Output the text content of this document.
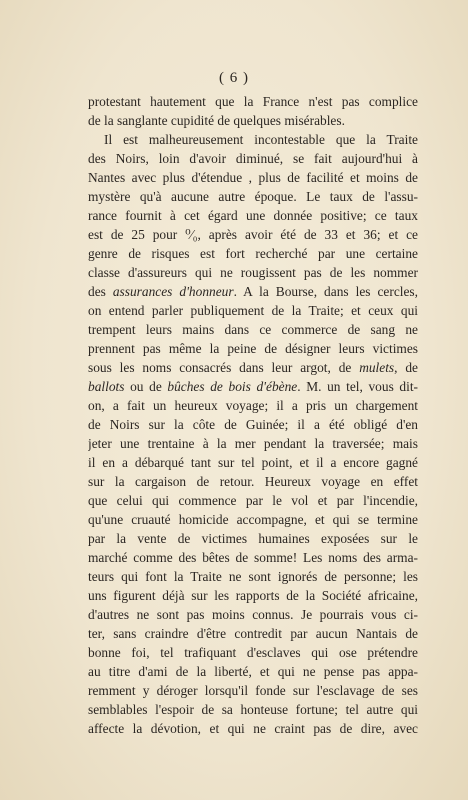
( 6 )
protestant hautement que la France n'est pas complice
de la sanglante cupidité de quelques misérables.
Il est malheureusement incontestable que la Traite
des Noirs, loin d'avoir diminué, se fait aujourd'hui à
Nantes avec plus d'étendue , plus de facilité et moins de
mystère qu'à aucune autre époque. Le taux de l'assu-
rance fournit à cet égard une donnée positive; ce taux
est de 25 pour ⁰⁄₀, après avoir été de 33 et 36; et ce
genre de risques est fort recherché par une certaine
classe d'assureurs qui ne rougissent pas de les nommer
des assurances d'honneur. A la Bourse, dans les cercles,
on entend parler publiquement de la Traite; et ceux qui
trempent leurs mains dans ce commerce de sang ne
prennent pas même la peine de désigner leurs victimes
sous les noms consacrés dans leur argot, de mulets, de
ballots ou de bûches de bois d'ébène. M. un tel, vous dit-
on, a fait un heureux voyage; il a pris un chargement
de Noirs sur la côte de Guinée; il a été obligé d'en
jeter une trentaine à la mer pendant la traversée; mais
il en a débarqué tant sur tel point, et il a encore gagné
sur la cargaison de retour. Heureux voyage en effet
que celui qui commence par le vol et par l'incendie,
qu'une cruauté homicide accompagne, et qui se termine
par la vente de victimes humaines exposées sur le
marché comme des bêtes de somme! Les noms des arma-
teurs qui font la Traite ne sont ignorés de personne; les
uns figurent déjà sur les rapports de la Société africaine,
d'autres ne sont pas moins connus. Je pourrais vous ci-
ter, sans craindre d'être contredit par aucun Nantais de
bonne foi, tel trafiquant d'esclaves qui ose prétendre
au titre d'ami de la liberté, et qui ne pense pas appa-
remment y déroger lorsqu'il fonde sur l'esclavage de ses
semblables l'espoir de sa honteuse fortune; tel autre qui
affecte la dévotion, et qui ne craint pas de dire, avec
